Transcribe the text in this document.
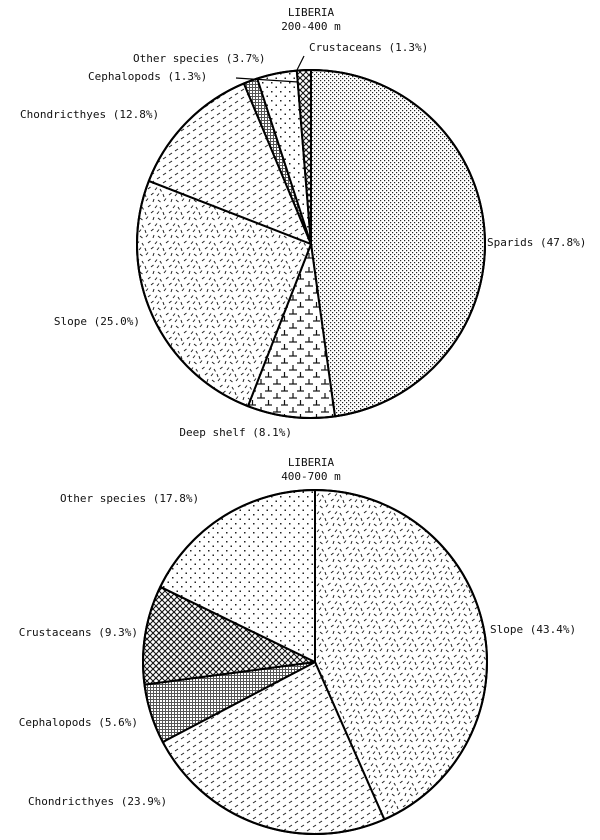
LIBERIA
200-400 m
Sparids (47.8%)
Deep shelf (8.1%)
Slope (25.0%)
Chondricthyes (12.8%)
Cephalopods (1.3%)
Other species (3.7%)
Crustaceans (1.3%)
LIBERIA
400-700 m
Slope (43.4%)
Chondricthyes (23.9%)
Cephalopods (5.6%)
Crustaceans (9.3%)
Other species (17.8%)
